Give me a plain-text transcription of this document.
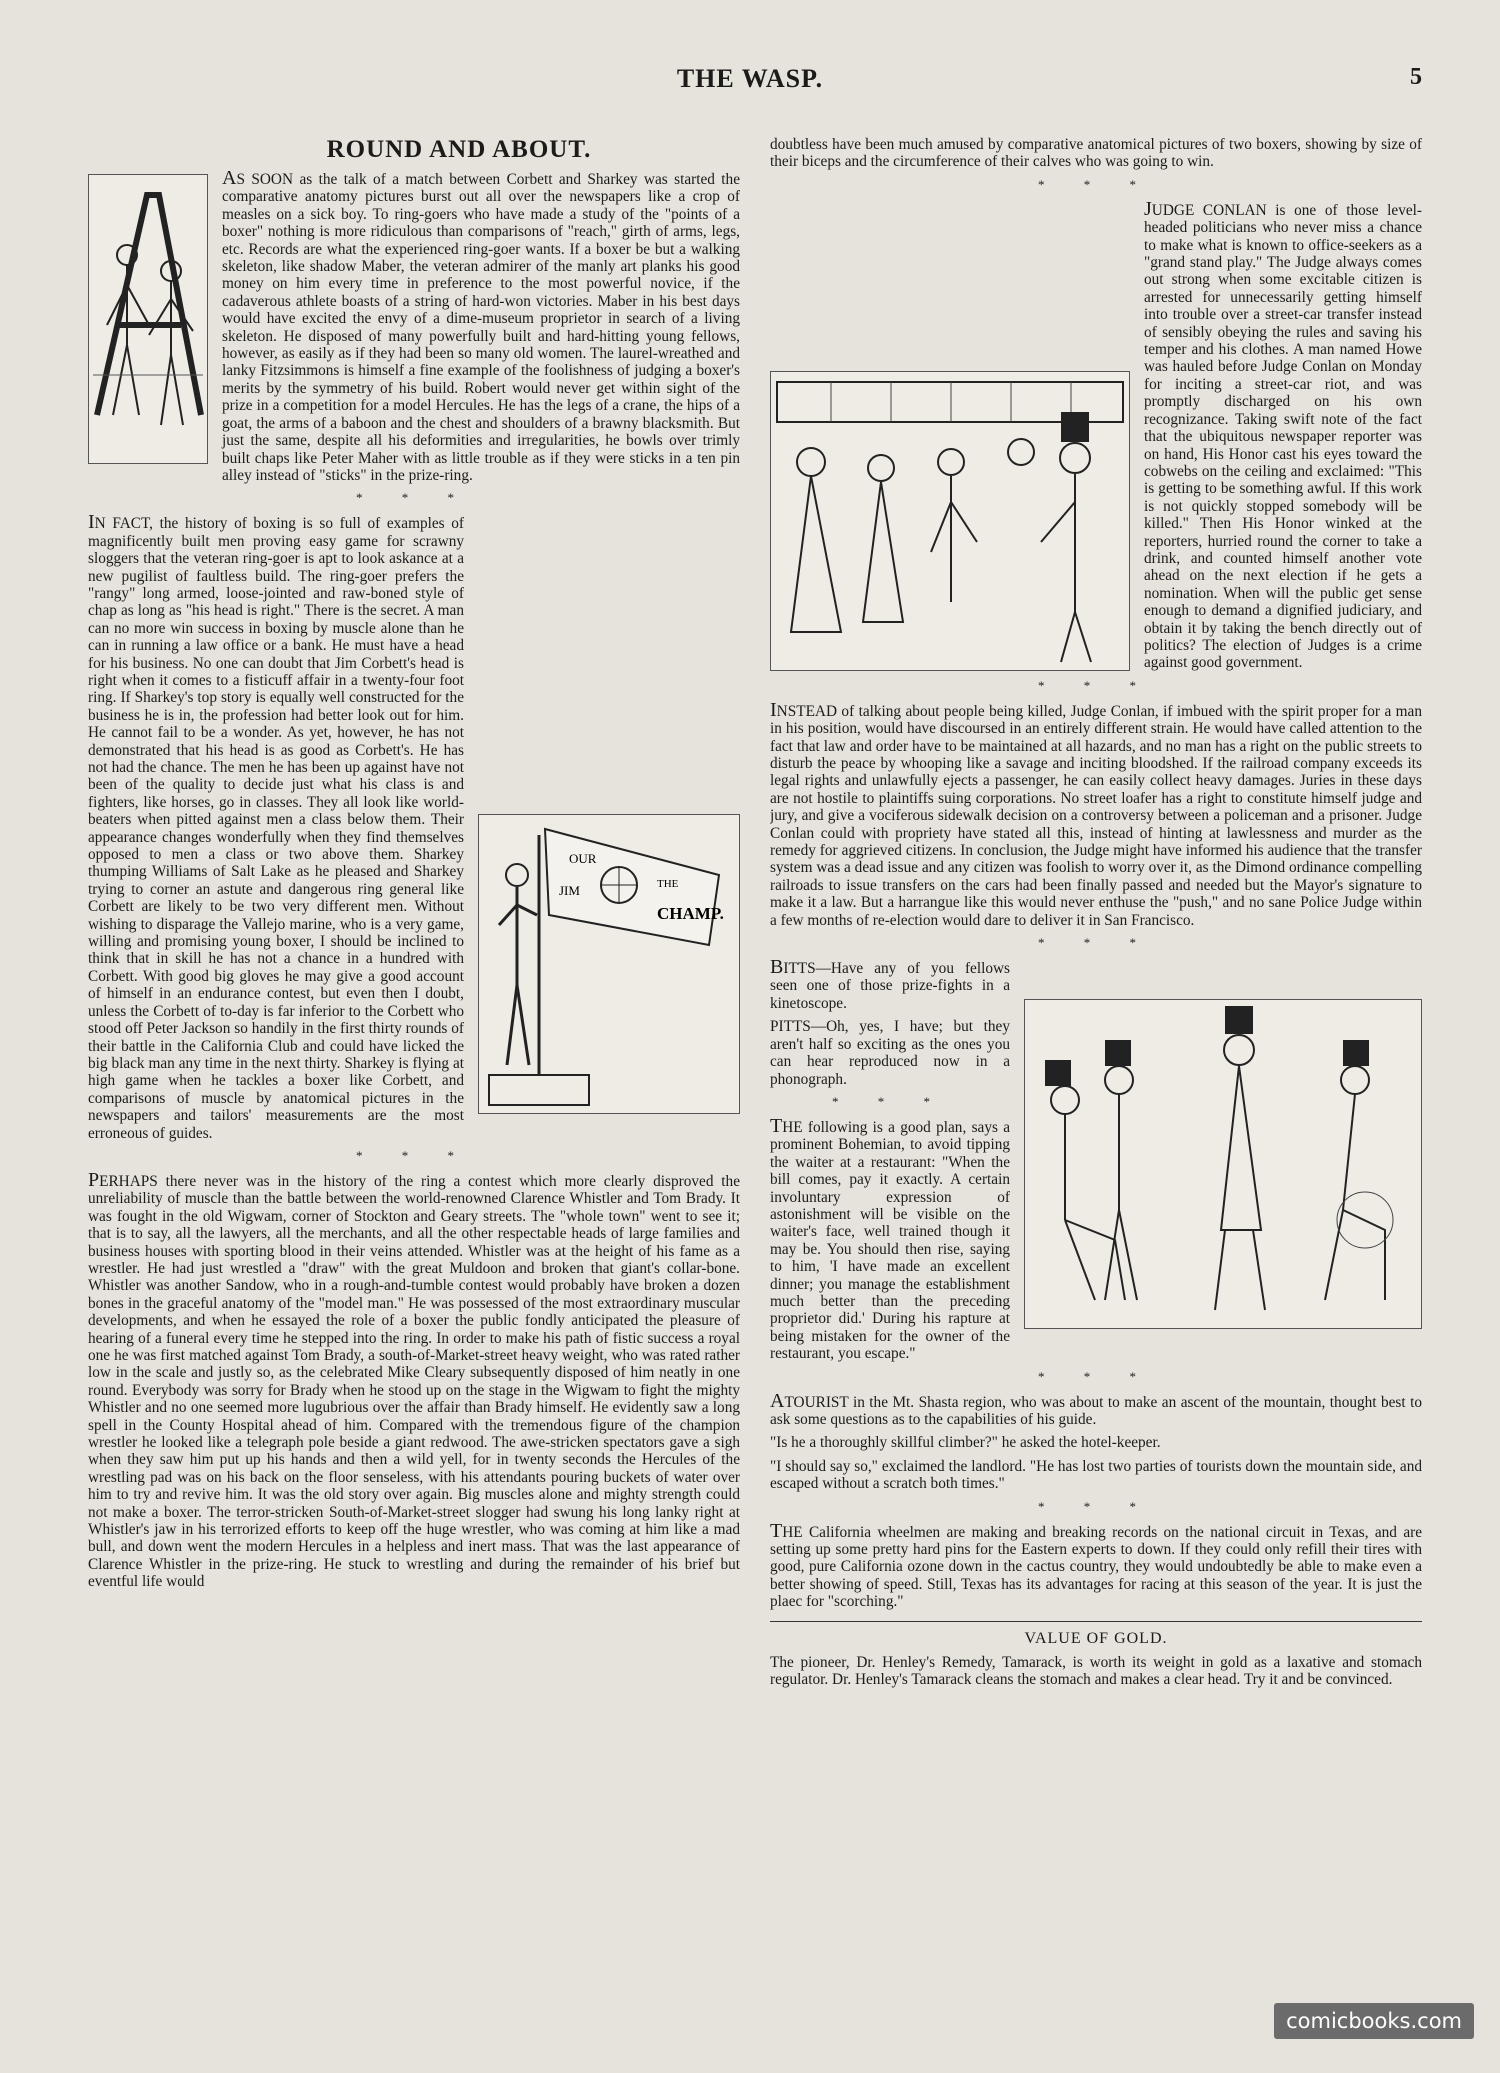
THE WASP.	5
ROUND AND ABOUT.

AS SOON as the talk of a match between Corbett and Sharkey was started the comparative anatomy pictures burst out all over the newspapers like a crop of measles on a sick boy. To ring-goers who have made a study of the "points of a boxer" nothing is more ridiculous than comparisons of "reach," girth of arms, legs, etc. Records are what the experienced ring-goer wants. If a boxer be but a walking skeleton, like shadow Maber, the veteran admirer of the manly art planks his good money on him every time in preference to the most powerful novice, if the cadaverous athlete boasts of a string of hard-won victories. Maber in his best days would have excited the envy of a dime-museum proprietor in search of a living skeleton. He disposed of many powerfully built and hard-hitting young fellows, however, as easily as if they had been so many old women. The laurel-wreathed and lanky Fitzsimmons is himself a fine example of the foolishness of judging a boxer's merits by the symmetry of his build. Robert would never get within sight of the prize in a competition for a model Hercules. He has the legs of a crane, the hips of a goat, the arms of a baboon and the chest and shoulders of a brawny blacksmith. But just the same, despite all his deformities and irregularities, he bowls over trimly built chaps like Peter Maher with as little trouble as if they were sticks in a ten pin alley instead of "sticks" in the prize-ring.

* * *
OUR
JIM	THE
CHAMP.

IN FACT, the history of boxing is so full of examples of magnificently built men proving easy game for scrawny sloggers that the veteran ring-goer is apt to look askance at a new pugilist of faultless build. The ring-goer prefers the "rangy" long armed, loose-jointed and raw-boned style of chap as long as "his head is right." There is the secret. A man can no more win success in boxing by muscle alone than he can in running a law office or a bank. He must have a head for his business. No one can doubt that Jim Corbett's head is right when it comes to a fisticuff affair in a twenty-four foot ring. If Sharkey's top story is equally well constructed for the business he is in, the profession had better look out for him. He cannot fail to be a wonder. As yet, however, he has not demonstrated that his head is as good as Corbett's. He has not had the chance. The men he has been up against have not been of the quality to decide just what his class is and fighters, like horses, go in classes. They all look like world-beaters when pitted against men a class below them. Their appearance changes wonderfully when they find themselves opposed to men a class or two above them. Sharkey thumping Williams of Salt Lake as he pleased and Sharkey trying to corner an astute and dangerous ring general like Corbett are likely to be two very different men. Without wishing to disparage the Vallejo marine, who is a very game, willing and promising young boxer, I should be inclined to think that in skill he has not a chance in a hundred with Corbett. With good big gloves he may give a good account of himself in an endurance contest, but even then I doubt, unless the Corbett of to-day is far inferior to the Corbett who stood off Peter Jackson so handily in the first thirty rounds of their battle in the California Club and could have licked the big black man any time in the next thirty. Sharkey is flying at high game when he tackles a boxer like Corbett, and comparisons of muscle by anatomical pictures in the newspapers and tailors' measurements are the most erroneous of guides.

* * *

PERHAPS there never was in the history of the ring a contest which more clearly disproved the unreliability of muscle than the battle between the world-renowned Clarence Whistler and Tom Brady. It was fought in the old Wigwam, corner of Stockton and Geary streets. The "whole town" went to see it; that is to say, all the lawyers, all the merchants, and all the other respectable heads of large families and business houses with sporting blood in their veins attended. Whistler was at the height of his fame as a wrestler. He had just wrestled a "draw" with the great Muldoon and broken that giant's collar-bone. Whistler was another Sandow, who in a rough-and-tumble contest would probably have broken a dozen bones in the graceful anatomy of the "model man." He was possessed of the most extraordinary muscular developments, and when he essayed the role of a boxer the public fondly anticipated the pleasure of hearing of a funeral every time he stepped into the ring. In order to make his path of fistic success a royal one he was first matched against Tom Brady, a south-of-Market-street heavy weight, who was rated rather low in the scale and justly so, as the celebrated Mike Cleary subsequently disposed of him neatly in one round. Everybody was sorry for Brady when he stood up on the stage in the Wigwam to fight the mighty Whistler and no one seemed more lugubrious over the affair than Brady himself. He evidently saw a long spell in the County Hospital ahead of him. Compared with the tremendous figure of the champion wrestler he looked like a telegraph pole beside a giant redwood. The awe-stricken spectators gave a sigh when they saw him put up his hands and then a wild yell, for in twenty seconds the Hercules of the wrestling pad was on his back on the floor senseless, with his attendants pouring buckets of water over him to try and revive him. It was the old story over again. Big muscles alone and mighty strength could not make a boxer. The terror-stricken South-of-Market-street slogger had swung his long lanky right at Whistler's jaw in his terrorized efforts to keep off the huge wrestler, who was coming at him like a mad bull, and down went the modern Hercules in a helpless and inert mass. That was the last appearance of Clarence Whistler in the prize-ring. He stuck to wrestling and during the remainder of his brief but eventful life would

doubtless have been much amused by comparative anatomical pictures of two boxers, showing by size of their biceps and the circumference of their calves who was going to win.

* * *

JUDGE CONLAN is one of those level-headed politicians who never miss a chance to make what is known to office-seekers as a "grand stand play." The Judge always comes out strong when some excitable citizen is arrested for unnecessarily getting himself into trouble over a street-car transfer instead of sensibly obeying the rules and saving his temper and his clothes. A man named Howe was hauled before Judge Conlan on Monday for inciting a street-car riot, and was promptly discharged on his own recognizance. Taking swift note of the fact that the ubiquitous newspaper reporter was on hand, His Honor cast his eyes toward the cobwebs on the ceiling and exclaimed: "This is getting to be something awful. If this work is not quickly stopped somebody will be killed." Then His Honor winked at the reporters, hurried round the corner to take a drink, and counted himself another vote ahead on the next election if he gets a nomination. When will the public get sense enough to demand a dignified judiciary, and obtain it by taking the bench directly out of politics? The election of Judges is a crime against good government.

* * *

INSTEAD of talking about people being killed, Judge Conlan, if imbued with the spirit proper for a man in his position, would have discoursed in an entirely different strain. He would have called attention to the fact that law and order have to be maintained at all hazards, and no man has a right on the public streets to disturb the peace by whooping like a savage and inciting bloodshed. If the railroad company exceeds its legal rights and unlawfully ejects a passenger, he can easily collect heavy damages. Juries in these days are not hostile to plaintiffs suing corporations. No street loafer has a right to constitute himself judge and jury, and give a vociferous sidewalk decision on a controversy between a policeman and a prisoner. Judge Conlan could with propriety have stated all this, instead of hinting at lawlessness and murder as the remedy for aggrieved citizens. In conclusion, the Judge might have informed his audience that the transfer system was a dead issue and any citizen was foolish to worry over it, as the Dimond ordinance compelling railroads to issue transfers on the cars had been finally passed and needed but the Mayor's signature to make it a law. But a harrangue like this would never enthuse the "push," and no sane Police Judge within a few months of re-election would dare to deliver it in San Francisco.

* * *

BITTS—Have any of you fellows seen one of those prize-fights in a kinetoscope.

PITTS—Oh, yes, I have; but they aren't half so exciting as the ones you can hear reproduced now in a phonograph.

* * *

THE following is a good plan, says a prominent Bohemian, to avoid tipping the waiter at a restaurant: "When the bill comes, pay it exactly. A certain involuntary expression of astonishment will be visible on the waiter's face, well trained though it may be. You should then rise, saying to him, 'I have made an excellent dinner; you manage the establishment much better than the preceding proprietor did.' During his rapture at being mistaken for the owner of the restaurant, you escape."

* * *

ATOURIST in the Mt. Shasta region, who was about to make an ascent of the mountain, thought best to ask some questions as to the capabilities of his guide.

"Is he a thoroughly skillful climber?" he asked the hotel-keeper.

"I should say so," exclaimed the landlord. "He has lost two parties of tourists down the mountain side, and escaped without a scratch both times."

* * *

THE California wheelmen are making and breaking records on the national circuit in Texas, and are setting up some pretty hard pins for the Eastern experts to down. If they could only refill their tires with good, pure California ozone down in the cactus country, they would undoubtedly be able to make even a better showing of speed. Still, Texas has its advantages for racing at this season of the year. It is just the plaec for "scorching."

VALUE OF GOLD.

The pioneer, Dr. Henley's Remedy, Tamarack, is worth its weight in gold as a laxative and stomach regulator. Dr. Henley's Tamarack cleans the stomach and makes a clear head. Try it and be convinced.

comicbooks.com
